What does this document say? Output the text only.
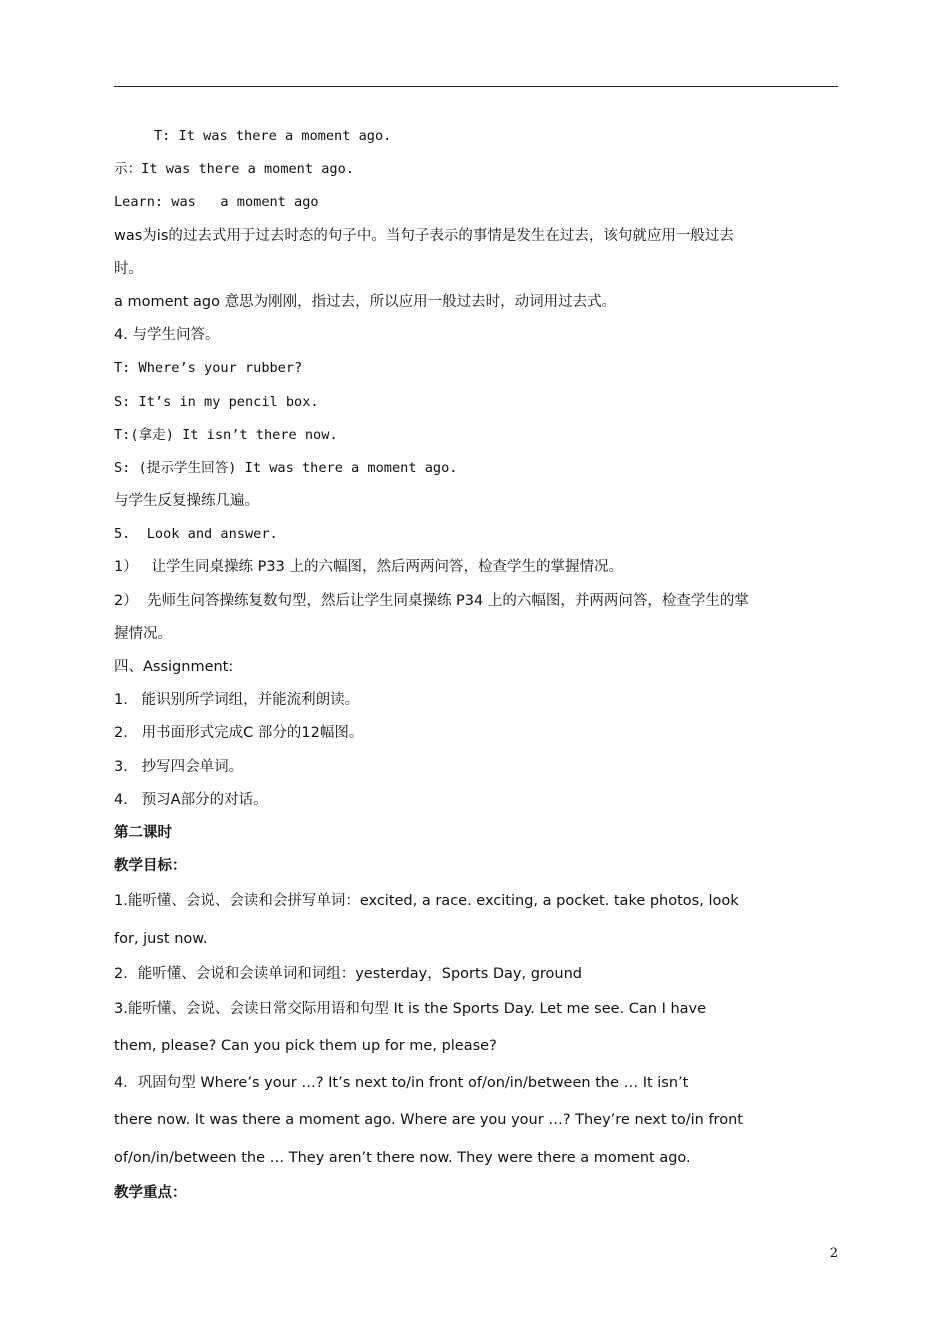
T: It was there a moment ago.
示：It was there a moment ago.
Learn: was   a moment ago
was为is的过去式用于过去时态的句子中。当句子表示的事情是发生在过去，该句就应用一般过去
时。
a moment ago 意思为刚刚，指过去，所以应用一般过去时，动词用过去式。
4. 与学生问答。
T: Where’s your rubber?
S: It’s in my pencil box.
T:(拿走) It isn’t there now.
S: (提示学生回答) It was there a moment ago.
与学生反复操练几遍。
5.  Look and answer.
1）   让学生同桌操练 P33 上的六幅图，然后两两问答，检查学生的掌握情况。
2）  先师生问答操练复数句型，然后让学生同桌操练 P34 上的六幅图，并两两问答，检查学生的掌
握情况。
四、Assignment:
1.   能识别所学词组，并能流利朗读。
2.   用书面形式完成C 部分的12幅图。
3.   抄写四会单词。
4.   预习A部分的对话。
第二课时
教学目标：
1.能听懂、会说、会读和会拼写单词：excited, a race. exciting, a pocket. take photos, look
for, just now.
2．能听懂、会说和会读单词和词组：yesterday，Sports Day, ground
3.能听懂、会说、会读日常交际用语和句型 It is the Sports Day. Let me see. Can I have
them, please? Can you pick them up for me, please?
4．巩固句型 Where’s your …? It’s next to/in front of/on/in/between the … It isn’t
there now. It was there a moment ago. Where are you your …? They’re next to/in front
of/on/in/between the … They aren’t there now. They were there a moment ago.
教学重点：
2
